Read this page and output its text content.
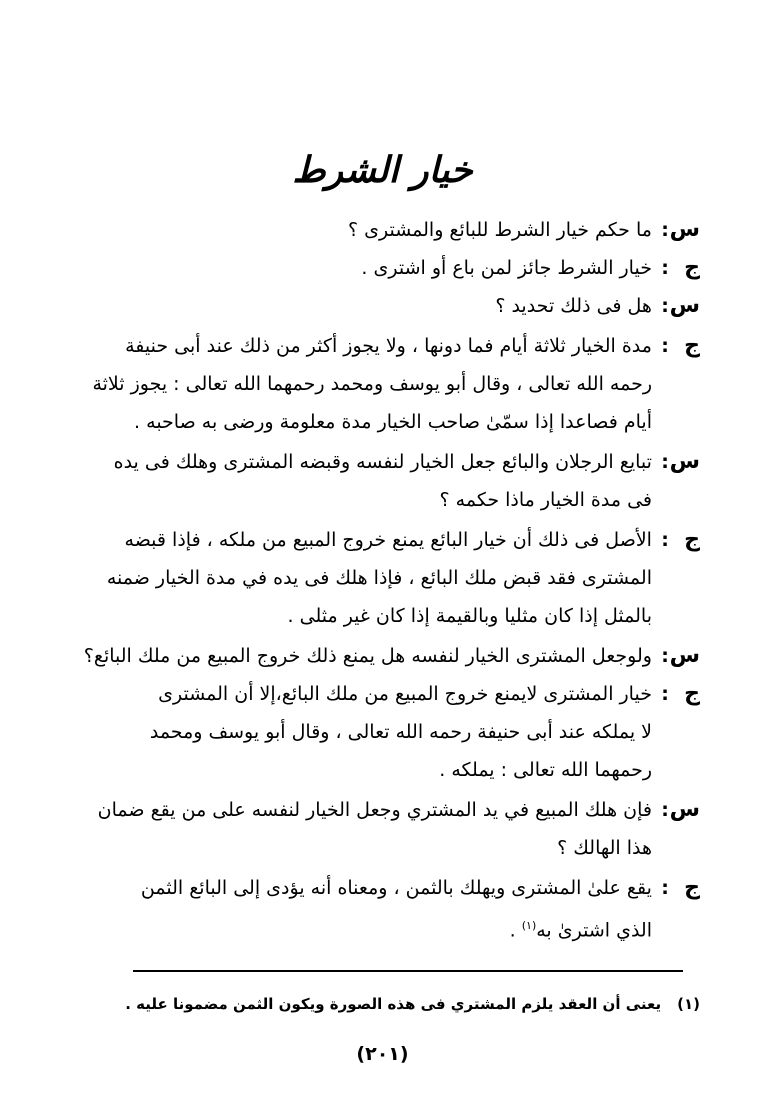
خيار الشرط
س: ما حكم خيار الشرط للبائع والمشترى ؟
ج: خيار الشرط جائز لمن باع أو اشترى .
س: هل فى ذلك تحديد ؟
ج: مدة الخيار ثلاثة أيام فما دونها ، ولا يجوز أكثر من ذلك عند أبى حنيفة
رحمه الله تعالى ، وقال أبو يوسف ومحمد رحمهما الله تعالى : يجوز ثلاثة
أيام فصاعدا إذا سمّىٰ صاحب الخيار مدة معلومة ورضى به صاحبه .
س: تبايع الرجلان والبائع جعل الخيار لنفسه وقبضه المشترى وهلك فى يده
فى مدة الخيار ماذا حكمه ؟
ج: الأصل فى ذلك أن خيار البائع يمنع خروج المبيع من ملكه ، فإذا قبضه
المشترى فقد قبض ملك البائع ، فإذا هلك فى يده في مدة الخيار ضمنه
بالمثل إذا كان مثليا وبالقيمة إذا كان غير مثلى .
س: ولوجعل المشترى الخيار لنفسه هل يمنع ذلك خروج المبيع من ملك البائع؟
ج: خيار المشترى لايمنع خروج المبيع من ملك البائع،إلا أن المشترى
لا يملكه عند أبى حنيفة رحمه الله تعالى ، وقال أبو يوسف ومحمد
رحمهما الله تعالى : يملكه .
س: فإن هلك المبيع في يد المشتري وجعل الخيار لنفسه على من يقع ضمان
هذا الهالك ؟
ج: يقع علىٰ المشترى ويهلك بالثمن ، ومعناه أنه يؤدى إلى البائع الثمن
الذي اشترىٰ به$^{(١)}$ .
(١)يعنى أن العقد يلزم المشتري فى هذه الصورة ويكون الثمن مضمونا عليه .
(٢٠١)
